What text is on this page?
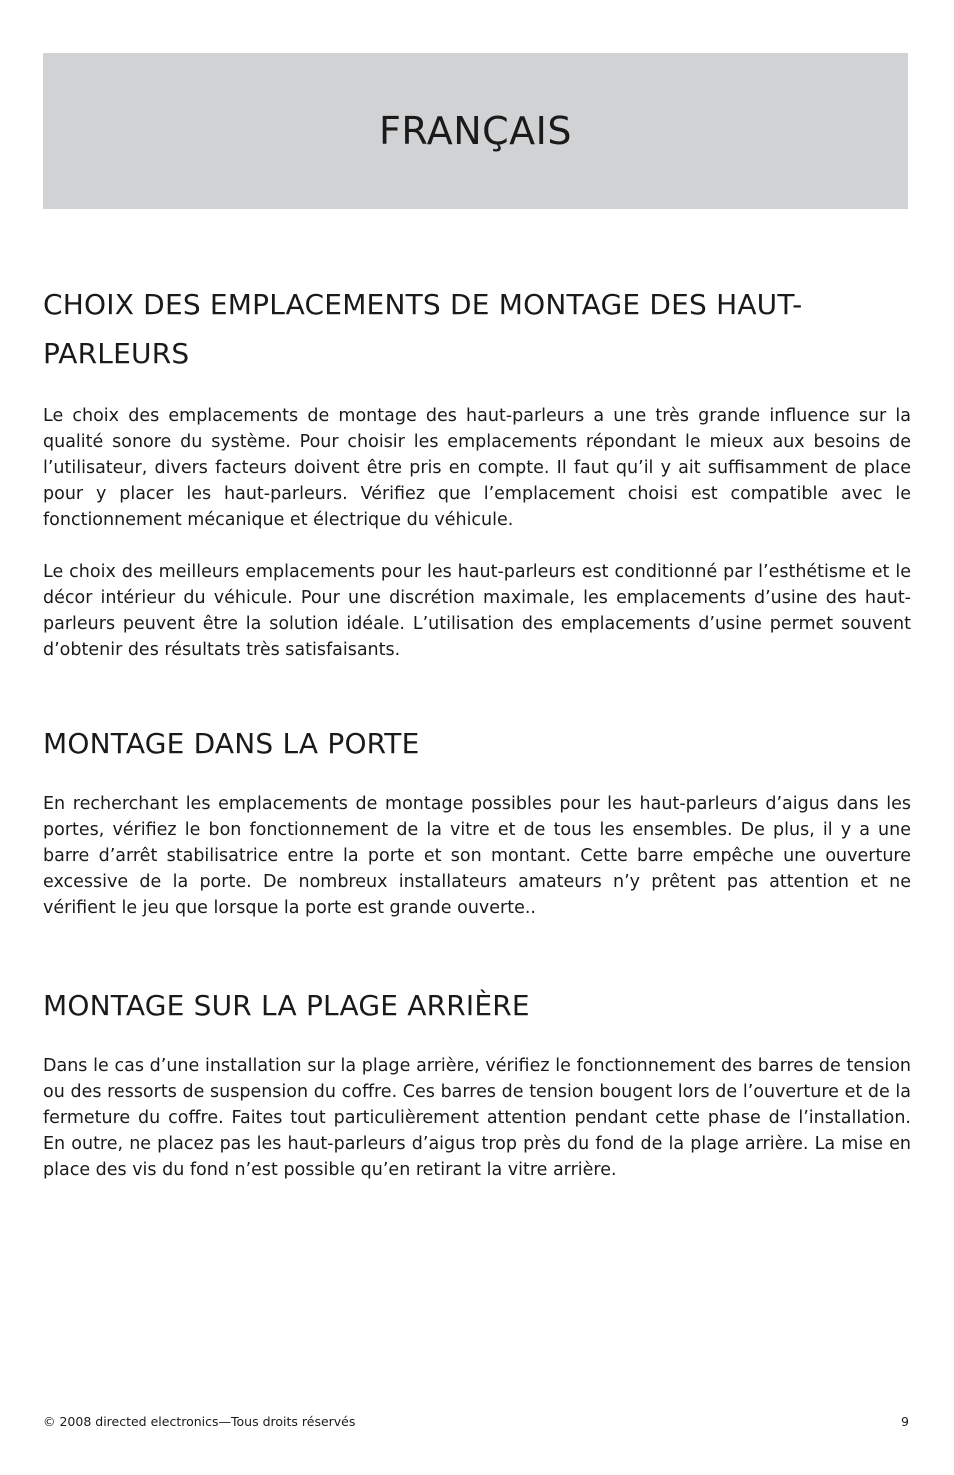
FRANÇAIS
CHOIX DES EMPLACEMENTS DE MONTAGE DES HAUT-PARLEURS

Le choix des emplacements de montage des haut-parleurs a une très grande influence sur la qualité sonore du système. Pour choisir les emplacements répondant le mieux aux besoins de l’utilisateur, divers facteurs doivent être pris en compte. Il faut qu’il y ait suffisamment de place pour y placer les haut-parleurs. Vérifiez que l’emplacement choisi est compatible avec le fonctionnement mécanique et électrique du véhicule.

Le choix des meilleurs emplacements pour les haut-parleurs est conditionné par l’esthétisme et le décor intérieur du véhicule. Pour une discrétion maximale, les emplacements d’usine des haut-parleurs peuvent être la solution idéale. L’utilisation des emplacements d’usine permet souvent d’obtenir des résultats très satisfaisants.

MONTAGE DANS LA PORTE

En recherchant les emplacements de montage possibles pour les haut-parleurs d’aigus dans les portes, vérifiez le bon fonctionnement de la vitre et de tous les ensembles. De plus, il y a une barre d’arrêt stabilisatrice entre la porte et son montant. Cette barre empêche une ouverture excessive de la porte. De nombreux installateurs amateurs n’y prêtent pas attention et ne vérifient le jeu que lorsque la porte est grande ouverte..

MONTAGE SUR LA PLAGE ARRIÈRE

Dans le cas d’une installation sur la plage arrière, vérifiez le fonctionnement des barres de tension ou des ressorts de suspension du coffre. Ces barres de tension bougent lors de l’ouverture et de la fermeture du coffre. Faites tout particulièrement attention pendant cette phase de l’installation. En outre, ne placez pas les haut-parleurs d’aigus trop près du fond de la plage arrière. La mise en place des vis du fond n’est possible qu’en retirant la vitre arrière.

© 2008 directed electronics—Tous droits réservés	9
